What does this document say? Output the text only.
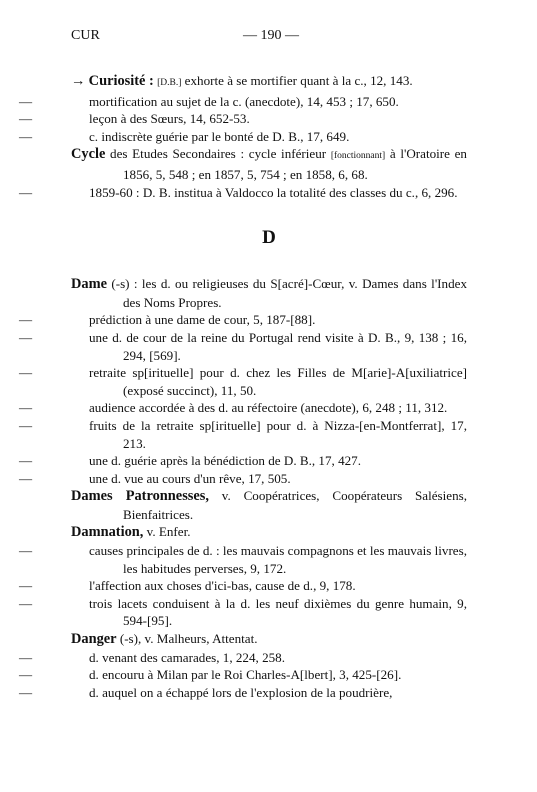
CUR	— 190 —

→ Curiosité : [D.B.] exhorte à se mortifier quant à la c., 12, 143.

—	mortification au sujet de la c. (anecdote), 14, 453 ; 17, 650.

—	leçon à des Sœurs, 14, 652-53.

—	c. indiscrète guérie par le bonté de D. B., 17, 649.

Cycle des Etudes Secondaires : cycle inférieur [fonctionnant] à l'Oratoire en 1856, 5, 548 ; en 1857, 5, 754 ; en 1858, 6, 68.

—	1859-60 : D. B. institua à Valdocco la totalité des classes du c., 6, 296.

D

Dame (-s) : les d. ou religieuses du S[acré]-Cœur, v. Dames dans l'Index des Noms Propres.

—	prédiction à une dame de cour, 5, 187-[88].

—	une d. de cour de la reine du Portugal rend visite à D. B., 9, 138 ; 16, 294, [569].

—	retraite sp[irituelle] pour d. chez les Filles de M[arie]-A[uxiliatrice] (exposé succinct), 11, 50.

—	audience accordée à des d. au réfectoire (anecdote), 6, 248 ; 11, 312.

—	fruits de la retraite sp[irituelle] pour d. à Nizza-[en-Montferrat], 17, 213.

—	une d. guérie après la bénédiction de D. B., 17, 427.

—	une d. vue au cours d'un rêve, 17, 505.

Dames Patronnesses, v. Coopératrices, Coopérateurs Salésiens, Bienfaitrices.

Damnation, v. Enfer.

—	causes principales de d. : les mauvais compagnons et les mauvais livres, les habitudes perverses, 9, 172.

—	l'affection aux choses d'ici-bas, cause de d., 9, 178.

—	trois lacets conduisent à la d. les neuf dixièmes du genre humain, 9, 594-[95].

Danger (-s), v. Malheurs, Attentat.

—	d. venant des camarades, 1, 224, 258.

—	d. encouru à Milan par le Roi Charles-A[lbert], 3, 425-[26].

—	d. auquel on a échappé lors de l'explosion de la poudrière,
